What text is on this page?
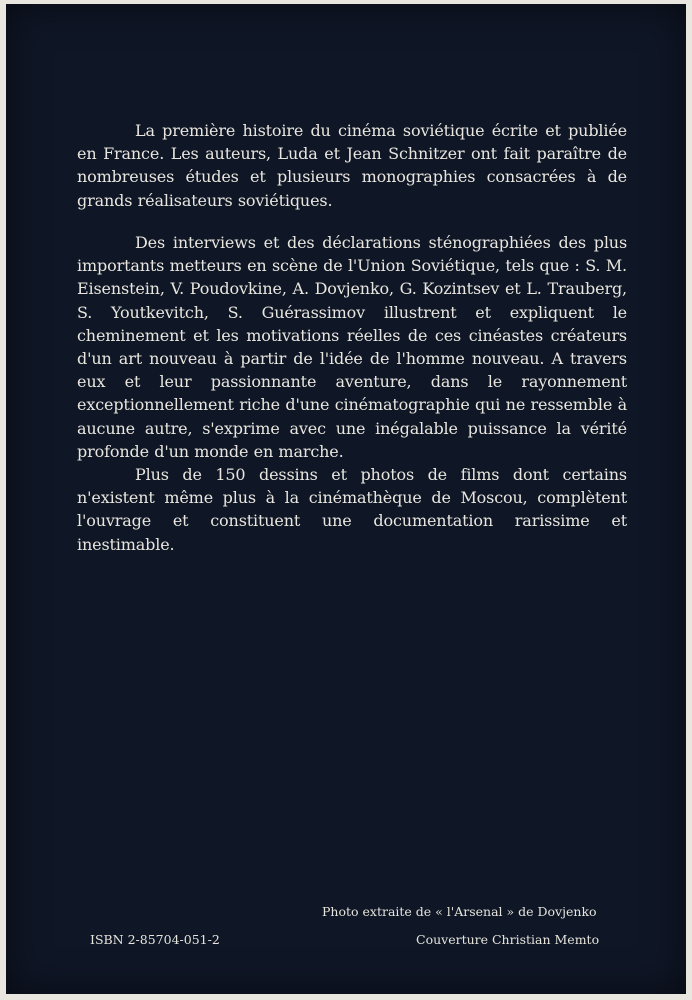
La première histoire du cinéma soviétique écrite et publiée en France. Les auteurs, Luda et Jean Schnitzer ont fait paraître de nombreuses études et plusieurs monographies consacrées à de grands réalisateurs soviétiques.

Des interviews et des déclarations sténographiées des plus importants metteurs en scène de l'Union Soviétique, tels que : S. M. Eisenstein, V. Poudovkine, A. Dovjenko, G. Kozintsev et L. Trauberg, S. Youtkevitch, S. Guérassimov illustrent et expliquent le cheminement et les motivations réelles de ces cinéastes créateurs d'un art nouveau à partir de l'idée de l'homme nouveau. A travers eux et leur passionnante aventure, dans le rayonnement exceptionnellement riche d'une cinématographie qui ne ressemble à aucune autre, s'exprime avec une inégalable puissance la vérité profonde d'un monde en marche.

Plus de 150 dessins et photos de films dont certains n'existent même plus à la cinémathèque de Moscou, complètent l'ouvrage et constituent une documentation rarissime et inestimable.

Photo extraite de « l'Arsenal » de Dovjenko
ISBN 2-85704-051-2	Couverture Christian Memto
